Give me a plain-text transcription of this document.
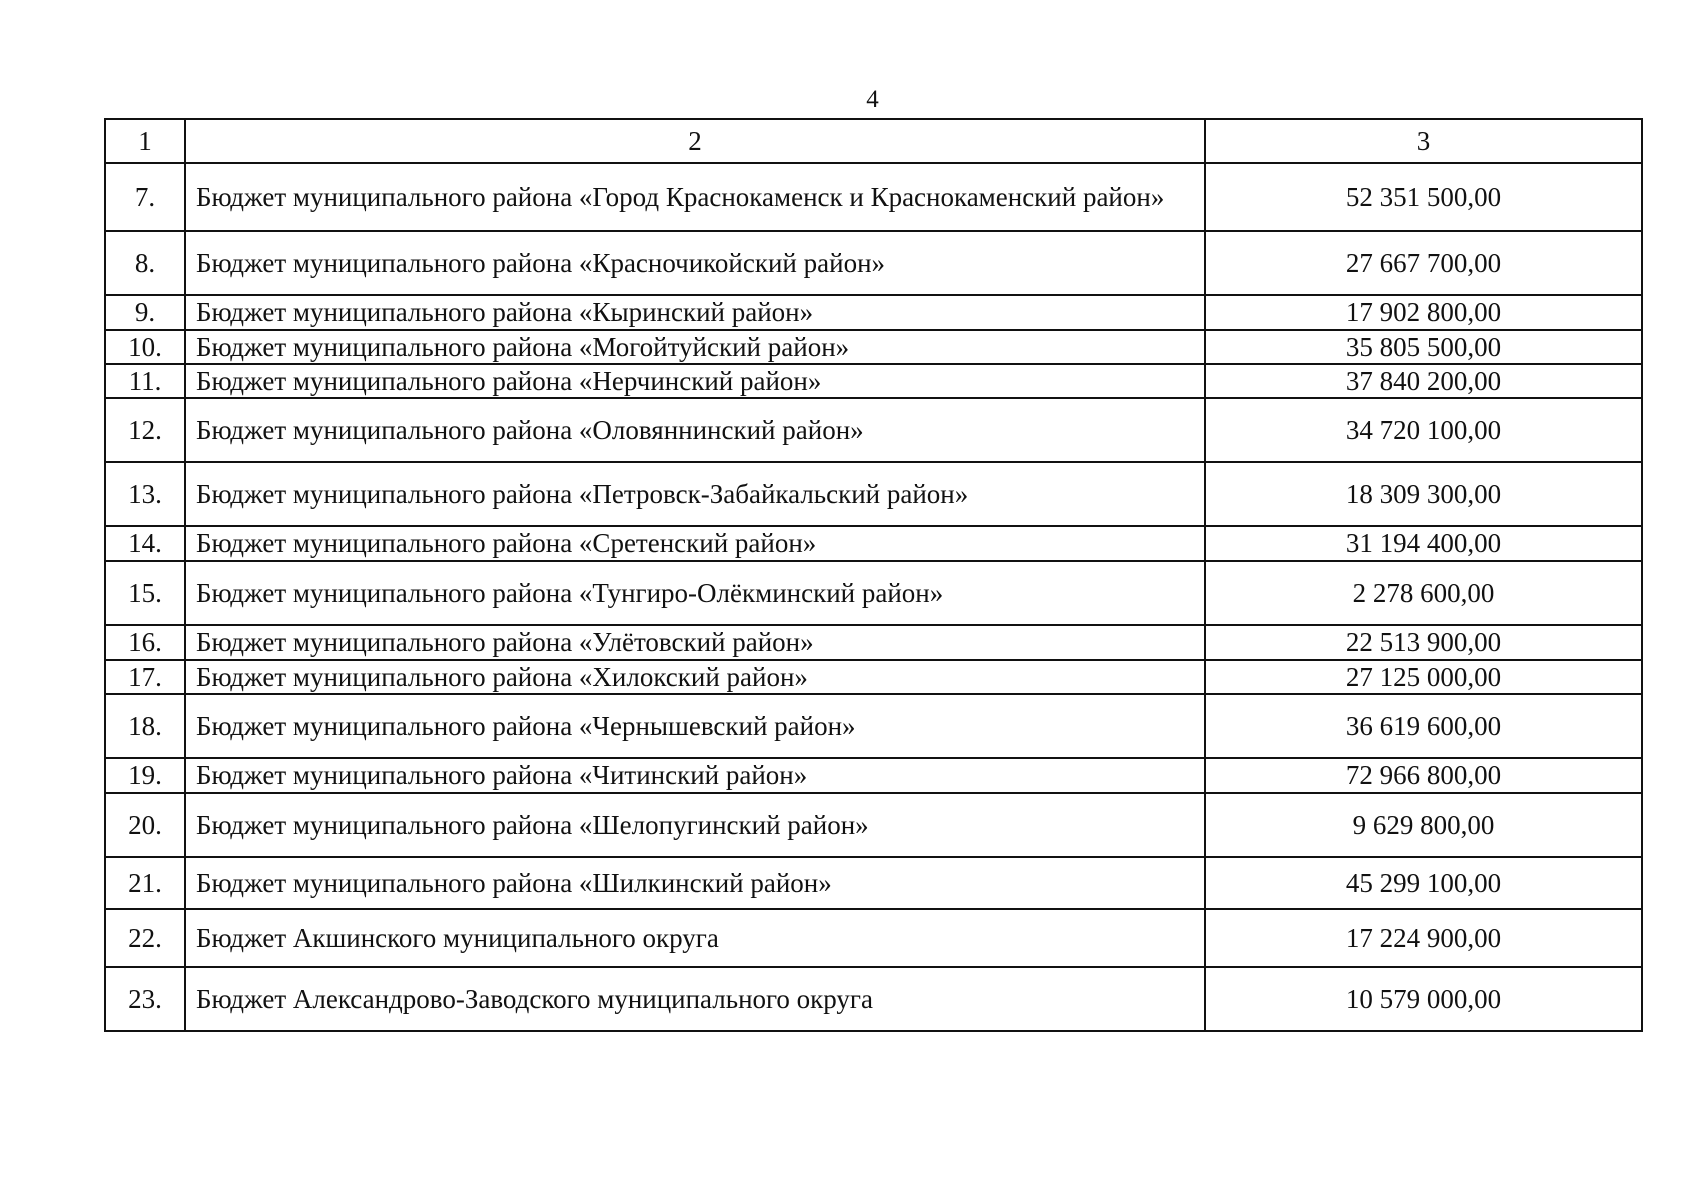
4
1	2	3
7.	Бюджет муниципального района «Город Краснокаменск и Краснокаменский район»	52 351 500,00
8.	Бюджет муниципального района «Красночикойский район»	27 667 700,00
9.	Бюджет муниципального района «Кыринский район»	17 902 800,00
10.	Бюджет муниципального района «Могойтуйский район»	35 805 500,00
11.	Бюджет муниципального района «Нерчинский район»	37 840 200,00
12.	Бюджет муниципального района «Оловяннинский район»	34 720 100,00
13.	Бюджет муниципального района «Петровск-Забайкальский район»	18 309 300,00
14.	Бюджет муниципального района «Сретенский район»	31 194 400,00
15.	Бюджет муниципального района «Тунгиро-Олёкминский район»	2 278 600,00
16.	Бюджет муниципального района «Улётовский район»	22 513 900,00
17.	Бюджет муниципального района «Хилокский район»	27 125 000,00
18.	Бюджет муниципального района «Чернышевский район»	36 619 600,00
19.	Бюджет муниципального района «Читинский район»	72 966 800,00
20.	Бюджет муниципального района «Шелопугинский район»	9 629 800,00
21.	Бюджет муниципального района «Шилкинский район»	45 299 100,00
22.	Бюджет Акшинского муниципального округа	17 224 900,00
23.	Бюджет Александрово-Заводского муниципального округа	10 579 000,00
